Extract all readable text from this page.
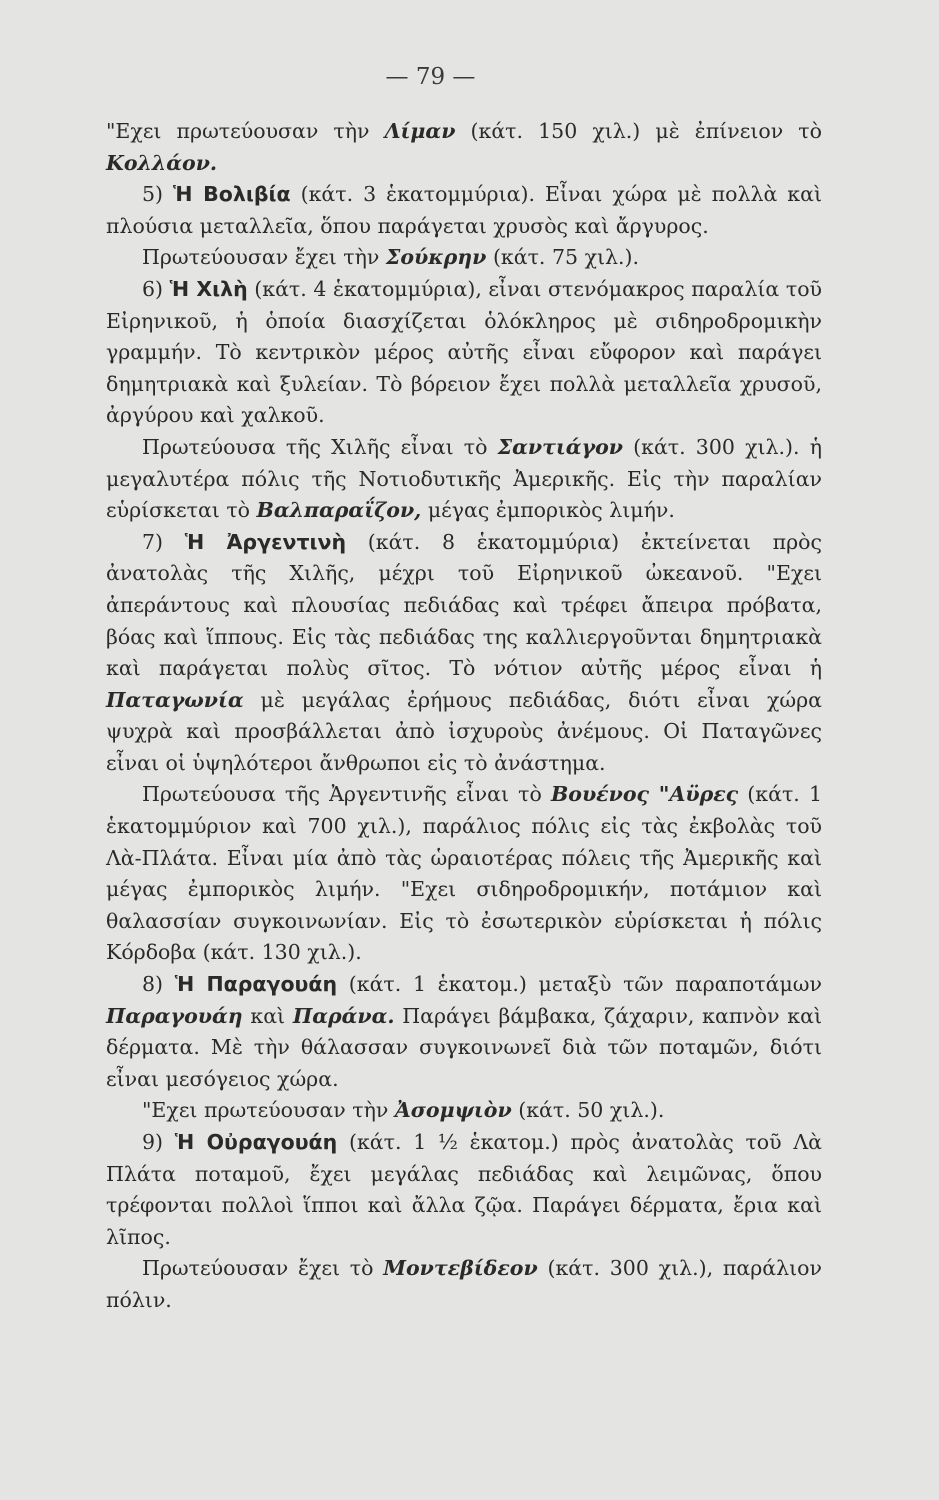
— 79 —

"Εχει πρωτεύουσαν τὴν Λίμαν (κάτ. 150 χιλ.) μὲ ἐπίνειον τὸ Κολλάον.

5) Ἡ Βολιβία (κάτ. 3 ἑκατομμύρια). Εἶναι χώρα μὲ πολλὰ καὶ πλούσια μεταλλεῖα, ὅπου παράγεται χρυσὸς καὶ ἄργυρος.

Πρωτεύουσαν ἔχει τὴν Σούκρην (κάτ. 75 χιλ.).

6) Ἡ Χιλὴ (κάτ. 4 ἑκατομμύρια), εἶναι στενόμακρος παραλία τοῦ Εἰρηνικοῦ, ἡ ὁποία διασχίζεται ὁλόκληρος μὲ σιδηροδρομικὴν γραμμήν. Τὸ κεντρικὸν μέρος αὐτῆς εἶναι εὔφορον καὶ παράγει δημητριακὰ καὶ ξυλείαν. Τὸ βόρειον ἔχει πολλὰ μεταλλεῖα χρυσοῦ, ἀργύρου καὶ χαλκοῦ.

Πρωτεύουσα τῆς Χιλῆς εἶναι τὸ Σαντιάγον (κάτ. 300 χιλ.). ἡ μεγαλυτέρα πόλις τῆς Νοτιοδυτικῆς Ἀμερικῆς. Εἰς τὴν παραλίαν εὑρίσκεται τὸ Βαλπαραΐζον, μέγας ἐμπορικὸς λιμήν.

7) Ἡ Ἀργεντινὴ (κάτ. 8 ἑκατομμύρια) ἐκτείνεται πρὸς ἀνατολὰς τῆς Χιλῆς, μέχρι τοῦ Εἰρηνικοῦ ὠκεανοῦ. "Εχει ἀπεράντους καὶ πλουσίας πεδιάδας καὶ τρέφει ἄπειρα πρόβατα, βόας καὶ ἵππους. Εἰς τὰς πεδιάδας της καλλιεργοῦνται δημητριακὰ καὶ παράγεται πολὺς σῖτος. Τὸ νότιον αὐτῆς μέρος εἶναι ἡ Παταγωνία μὲ μεγάλας ἐρήμους πεδιάδας, διότι εἶναι χώρα ψυχρὰ καὶ προσβάλλεται ἀπὸ ἰσχυροὺς ἀνέμους. Οἱ Παταγῶνες εἶναι οἱ ὑψηλότεροι ἄνθρωποι εἰς τὸ ἀνάστημα.

Πρωτεύουσα τῆς Ἀργεντινῆς εἶναι τὸ Βουένος "Αϋρες (κάτ. 1 ἑκατομμύριον καὶ 700 χιλ.), παράλιος πόλις εἰς τὰς ἐκβολὰς τοῦ Λὰ-Πλάτα. Εἶναι μία ἀπὸ τὰς ὡραιοτέρας πόλεις τῆς Ἀμερικῆς καὶ μέγας ἐμπορικὸς λιμήν. "Εχει σιδηροδρομικήν, ποτάμιον καὶ θαλασσίαν συγκοινωνίαν. Εἰς τὸ ἐσωτερικὸν εὑρίσκεται ἡ πόλις Κόρδοβα (κάτ. 130 χιλ.).

8) Ἡ Παραγουάη (κάτ. 1 ἑκατομ.) μεταξὺ τῶν παραποτάμων Παραγουάη καὶ Παράνα. Παράγει βάμβακα, ζάχαριν, καπνὸν καὶ δέρματα. Μὲ τὴν θάλασσαν συγκοινωνεῖ διὰ τῶν ποταμῶν, διότι εἶναι μεσόγειος χώρα.

"Εχει πρωτεύουσαν τὴν Ἀσομψιὸν (κάτ. 50 χιλ.).

9) Ἡ Οὐραγουάη (κάτ. 1 ½ ἑκατομ.) πρὸς ἀνατολὰς τοῦ Λὰ Πλάτα ποταμοῦ, ἔχει μεγάλας πεδιάδας καὶ λειμῶνας, ὅπου τρέφονται πολλοὶ ἵπποι καὶ ἄλλα ζῷα. Παράγει δέρματα, ἔρια καὶ λῖπος.

Πρωτεύουσαν ἔχει τὸ Μοντεβίδεον (κάτ. 300 χιλ.), παράλιον πόλιν.
